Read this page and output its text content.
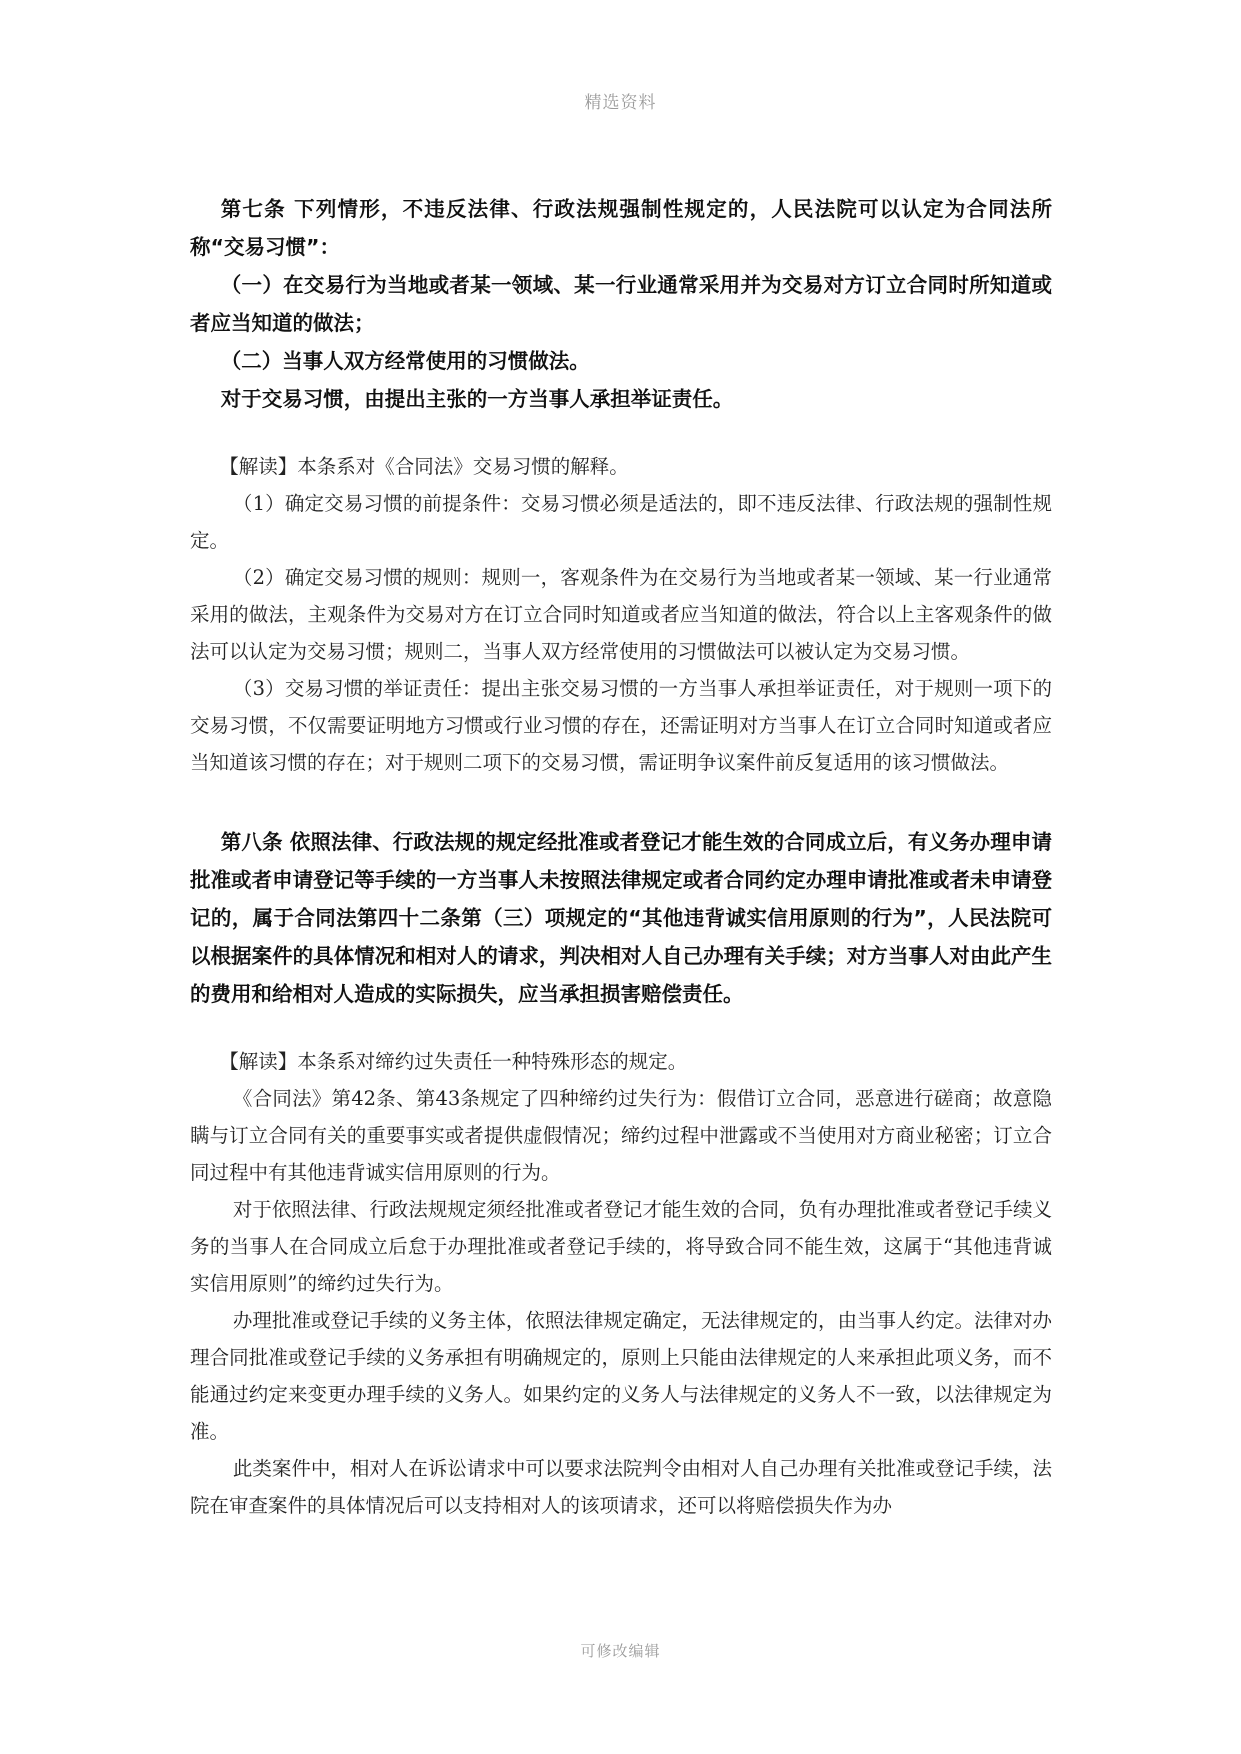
精选资料

第七条 下列情形，不违反法律、行政法规强制性规定的，人民法院可以认定为合同法所称“交易习惯”：

（一）在交易行为当地或者某一领域、某一行业通常采用并为交易对方订立合同时所知道或者应当知道的做法；

（二）当事人双方经常使用的习惯做法。

对于交易习惯，由提出主张的一方当事人承担举证责任。

【解读】本条系对《合同法》交易习惯的解释。

（1）确定交易习惯的前提条件：交易习惯必须是适法的，即不违反法律、行政法规的强制性规定。

（2）确定交易习惯的规则：规则一，客观条件为在交易行为当地或者某一领域、某一行业通常采用的做法，主观条件为交易对方在订立合同时知道或者应当知道的做法，符合以上主客观条件的做法可以认定为交易习惯；规则二，当事人双方经常使用的习惯做法可以被认定为交易习惯。

（3）交易习惯的举证责任：提出主张交易习惯的一方当事人承担举证责任，对于规则一项下的交易习惯，不仅需要证明地方习惯或行业习惯的存在，还需证明对方当事人在订立合同时知道或者应当知道该习惯的存在；对于规则二项下的交易习惯，需证明争议案件前反复适用的该习惯做法。

第八条 依照法律、行政法规的规定经批准或者登记才能生效的合同成立后，有义务办理申请批准或者申请登记等手续的一方当事人未按照法律规定或者合同约定办理申请批准或者未申请登记的，属于合同法第四十二条第（三）项规定的“其他违背诚实信用原则的行为”，人民法院可以根据案件的具体情况和相对人的请求，判决相对人自己办理有关手续；对方当事人对由此产生的费用和给相对人造成的实际损失，应当承担损害赔偿责任。

【解读】本条系对缔约过失责任一种特殊形态的规定。

《合同法》第42条、第43条规定了四种缔约过失行为：假借订立合同，恶意进行磋商；故意隐瞒与订立合同有关的重要事实或者提供虚假情况；缔约过程中泄露或不当使用对方商业秘密；订立合同过程中有其他违背诚实信用原则的行为。

对于依照法律、行政法规规定须经批准或者登记才能生效的合同，负有办理批准或者登记手续义务的当事人在合同成立后怠于办理批准或者登记手续的，将导致合同不能生效，这属于“其他违背诚实信用原则”的缔约过失行为。

办理批准或登记手续的义务主体，依照法律规定确定，无法律规定的，由当事人约定。法律对办理合同批准或登记手续的义务承担有明确规定的，原则上只能由法律规定的人来承担此项义务，而不能通过约定来变更办理手续的义务人。如果约定的义务人与法律规定的义务人不一致，以法律规定为准。

此类案件中，相对人在诉讼请求中可以要求法院判令由相对人自己办理有关批准或登记手续，法院在审查案件的具体情况后可以支持相对人的该项请求，还可以将赔偿损失作为办

可修改编辑
